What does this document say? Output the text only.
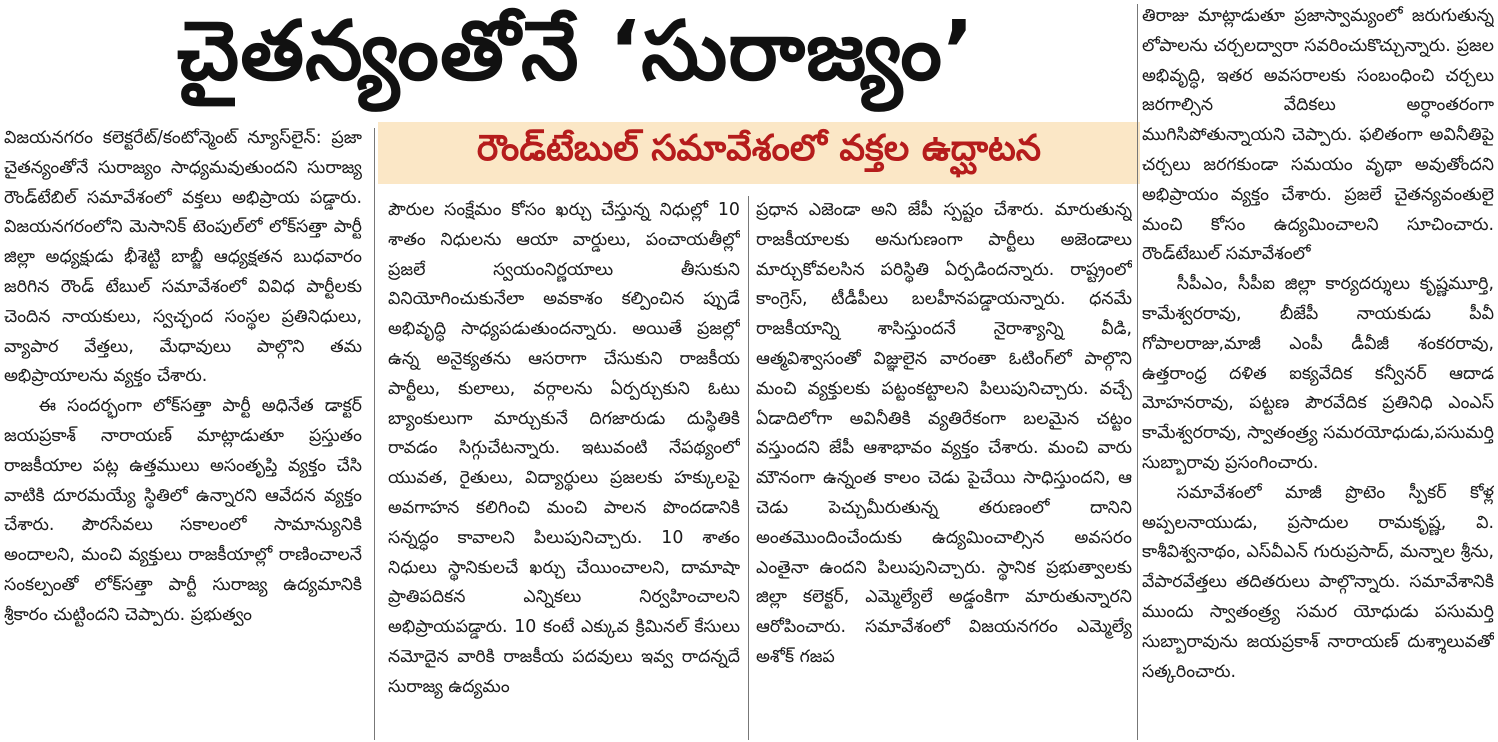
చైతన్యంతోనే ‘సురాజ్యం’
రౌండ్‌టేబుల్ సమావేశంలో వక్తల ఉద్ఘాటన

విజయనగరం కలెక్టరేట్/కంటోన్మెంట్ న్యూస్‌లైన్: ప్రజా చైతన్యంతోనే సురాజ్యం సాధ్యమవుతుందని సురాజ్య రౌండ్‌టేబిల్ సమావేశంలో వక్తలు అభిప్రాయ పడ్డారు. విజయనగరంలోని మెసానిక్ టెంపుల్‌లో లోక్‌సత్తా పార్టీ జిల్లా అధ్యక్షుడు భీశెట్టి బాబ్జీ ఆధ్యక్షతన బుధవారం జరిగిన రౌండ్ టేబుల్ సమావేశంలో వివిధ పార్టీలకు చెందిన నాయకులు, స్వచ్ఛంద సంస్థల ప్రతినిధులు, వ్యాపార వేత్తలు, మేధావులు పాల్గొని తమ అభిప్రాయాలను వ్యక్తం చేశారు.

ఈ సందర్భంగా లోక్‌సత్తా పార్టీ అధినేత డాక్టర్ జయప్రకాశ్ నారాయణ్ మాట్లాడుతూ ప్రస్తుతం రాజకీయాల పట్ల ఉత్తములు అసంతృప్తి వ్యక్తం చేసి వాటికి దూరమయ్యే స్థితిలో ఉన్నారని ఆవేదన వ్యక్తం చేశారు. పౌరసేవలు సకాలంలో సామాన్యునికి అందాలని, మంచి వ్యక్తులు రాజకీయాల్లో రాణించాలనే సంకల్పంతో లోక్‌సత్తా పార్టీ సురాజ్య ఉద్యమానికి శ్రీకారం చుట్టిందని చెప్పారు. ప్రభుత్వం

పౌరుల సంక్షేమం కోసం ఖర్చు చేస్తున్న నిధుల్లో 10 శాతం నిధులను ఆయా వార్డులు, పంచాయతీల్లో ప్రజలే స్వయంనిర్ణయాలు తీసుకుని వినియోగించుకునేలా అవకాశం కల్పించిన ప్పుడే అభివృద్ధి సాధ్యపడుతుందన్నారు. అయితే ప్రజల్లో ఉన్న అనైక్యతను ఆసరాగా చేసుకుని రాజకీయ పార్టీలు, కులాలు, వర్గాలను ఏర్పర్చుకుని ఓటు బ్యాంకులుగా మార్చుకునే దిగజారుడు దుస్థితికి రావడం సిగ్గుచేటన్నారు. ఇటువంటి నేపథ్యంలో యువత, రైతులు, విద్యార్థులు ప్రజలకు హక్కులపై అవగాహన కలిగించి మంచి పాలన పొందడానికి సన్నద్ధం కావాలని పిలుపునిచ్చారు. 10 శాతం నిధులు స్థానికులచే ఖర్చు చేయించాలని, దామాషా ప్రాతిపదికన ఎన్నికలు నిర్వహించాలని అభిప్రాయపడ్డారు. 10 కంటే ఎక్కువ క్రిమినల్ కేసులు నమోదైన వారికి రాజకీయ పదవులు ఇవ్వ రాదన్నదే సురాజ్య ఉద్యమం

ప్రధాన ఎజెండా అని జేపీ స్పష్టం చేశారు. మారుతున్న రాజకీయాలకు అనుగుణంగా పార్టీలు అజెండాలు మార్చుకోవలసిన పరిస్థితి ఏర్పడిందన్నారు. రాష్ట్రంలో కాంగ్రెస్, టీడీపీలు బలహీనపడ్డాయన్నారు. ధనమే రాజకీయాన్ని శాసిస్తుందనే నైరాశ్యాన్ని వీడి, ఆత్మవిశ్వాసంతో విజ్ఞులైన వారంతా ఓటింగ్‌లో పాల్గొని మంచి వ్యక్తులకు పట్టంకట్టాలని పిలుపునిచ్చారు. వచ్చే ఏడాదిలోగా అవినీతికి వ్యతిరేకంగా బలమైన చట్టం వస్తుందని జేపీ ఆశాభావం వ్యక్తం చేశారు. మంచి వారు మౌనంగా ఉన్నంత కాలం చెడు పైచేయి సాధిస్తుందని, ఆ చెడు పెచ్చుమీరుతున్న తరుణంలో దానిని అంతమొందించేందుకు ఉద్యమించాల్సిన అవసరం ఎంతైనా ఉందని పిలుపునిచ్చారు. స్థానిక ప్రభుత్వాలకు జిల్లా కలెక్టర్, ఎమ్మెల్యేలే అడ్డంకిగా మారుతున్నారని ఆరోపించారు. సమావేశంలో విజయనగరం ఎమ్మెల్యే అశోక్ గజప

తిరాజు మాట్లాడుతూ ప్రజాస్వామ్యంలో జరుగుతున్న లోపాలను చర్చలద్వారా సవరించుకొచ్చున్నారు. ప్రజల అభివృద్ధి, ఇతర అవసరాలకు సంబంధించి చర్చలు జరగాల్సిన వేదికలు అర్ధాంతరంగా ముగిసిపోతున్నాయని చెప్పారు. ఫలితంగా అవినీతిపై చర్చలు జరగకుండా సమయం వృథా అవుతోందని అభిప్రాయం వ్యక్తం చేశారు. ప్రజలే చైతన్యవంతులై మంచి కోసం ఉద్యమించాలని సూచించారు. రౌండ్‌టేబుల్ సమావేశంలో

సీపీఎం, సీపీఐ జిల్లా కార్యదర్శులు కృష్ణమూర్తి, కామేశ్వరరావు, బీజేపీ నాయకుడు పీవీ గోపాలరాజు,మాజీ ఎంపీ డీవీజీ శంకరరావు, ఉత్తరాంధ్ర దళిత ఐక్యవేదిక కన్వీనర్ ఆదాడ మోహనరావు, పట్టణ పౌరవేదిక ప్రతినిధి ఎంఎస్ కామేశ్వరరావు, స్వాతంత్ర్య సమరయోధుడు,పసుమర్తి సుబ్బారావు ప్రసంగించారు.

సమావేశంలో మాజీ ప్రొటెం స్పీకర్ కోళ్ల అప్పలనాయుడు, ప్రసాదుల రామకృష్ణ, వి. కాశీవిశ్వనాథం, ఎస్‌వీఎన్ గురుప్రసాద్, మన్నాల శ్రీను, వేపారవేత్తలు తదితరులు పాల్గొన్నారు. సమావేశానికి ముందు స్వాతంత్ర్య సమర యోధుడు పసుమర్తి సుబ్బారావును జయప్రకాశ్ నారాయణ్ దుశ్శాలువతో సత్కరించారు.
